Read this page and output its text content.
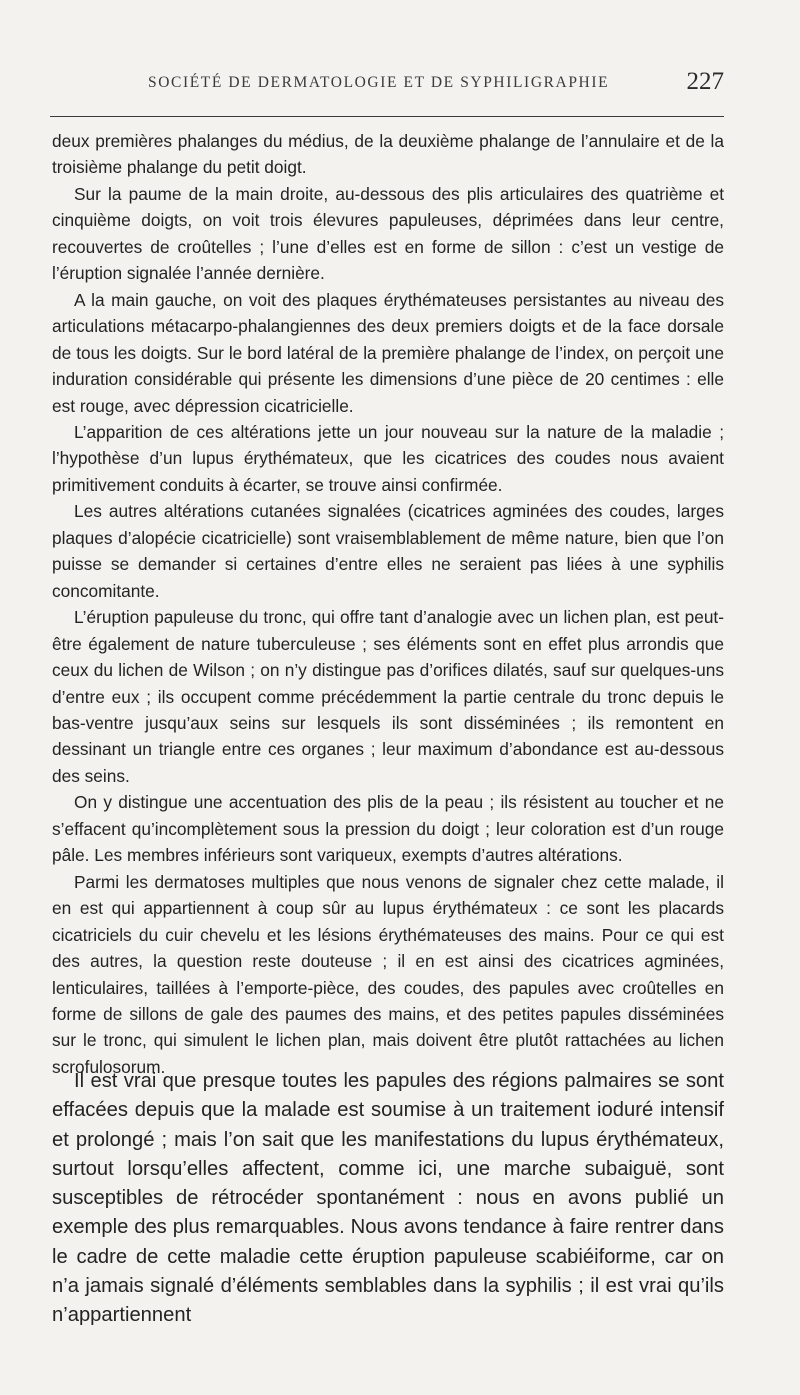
SOCIÉTÉ DE DERMATOLOGIE ET DE SYPHILIGRAPHIE	227

deux premières phalanges du médius, de la deuxième phalange de l’annulaire et de la troisième phalange du petit doigt.

Sur la paume de la main droite, au-dessous des plis articulaires des quatrième et cinquième doigts, on voit trois élevures papuleuses, déprimées dans leur centre, recouvertes de croûtelles ; l’une d’elles est en forme de sillon : c’est un vestige de l’éruption signalée l’année dernière.

A la main gauche, on voit des plaques érythémateuses persistantes au niveau des articulations métacarpo-phalangiennes des deux premiers doigts et de la face dorsale de tous les doigts. Sur le bord latéral de la première phalange de l’index, on perçoit une induration considérable qui présente les dimensions d’une pièce de 20 centimes : elle est rouge, avec dépression cicatricielle.

L’apparition de ces altérations jette un jour nouveau sur la nature de la maladie ; l’hypothèse d’un lupus érythémateux, que les cicatrices des coudes nous avaient primitivement conduits à écarter, se trouve ainsi confirmée.

Les autres altérations cutanées signalées (cicatrices agminées des coudes, larges plaques d’alopécie cicatricielle) sont vraisemblablement de même nature, bien que l’on puisse se demander si certaines d’entre elles ne seraient pas liées à une syphilis concomitante.

L’éruption papuleuse du tronc, qui offre tant d’analogie avec un lichen plan, est peut-être également de nature tuberculeuse ; ses éléments sont en effet plus arrondis que ceux du lichen de Wilson ; on n’y distingue pas d’orifices dilatés, sauf sur quelques-uns d’entre eux ; ils occupent comme précédemment la partie centrale du tronc depuis le bas-ventre jusqu’aux seins sur lesquels ils sont disséminées ; ils remontent en dessinant un triangle entre ces organes ; leur maximum d’abondance est au-dessous des seins.

On y distingue une accentuation des plis de la peau ; ils résistent au toucher et ne s’effacent qu’incomplètement sous la pression du doigt ; leur coloration est d’un rouge pâle. Les membres inférieurs sont variqueux, exempts d’autres altérations.

Parmi les dermatoses multiples que nous venons de signaler chez cette malade, il en est qui appartiennent à coup sûr au lupus érythémateux : ce sont les placards cicatriciels du cuir chevelu et les lésions érythémateuses des mains. Pour ce qui est des autres, la question reste douteuse ; il en est ainsi des cicatrices agminées, lenticulaires, taillées à l’emporte-pièce, des coudes, des papules avec croûtelles en forme de sillons de gale des paumes des mains, et des petites papules disséminées sur le tronc, qui simulent le lichen plan, mais doivent être plutôt rattachées au lichen scrofulosorum.

Il est vrai que presque toutes les papules des régions palmaires se sont effacées depuis que la malade est soumise à un traitement ioduré intensif et prolongé ; mais l’on sait que les manifestations du lupus érythémateux, surtout lorsqu’elles affectent, comme ici, une marche subaiguë, sont susceptibles de rétrocéder spontanément : nous en avons publié un exemple des plus remarquables. Nous avons tendance à faire rentrer dans le cadre de cette maladie cette éruption papuleuse scabiéiforme, car on n’a jamais signalé d’éléments semblables dans la syphilis ; il est vrai qu’ils n’appartiennent
